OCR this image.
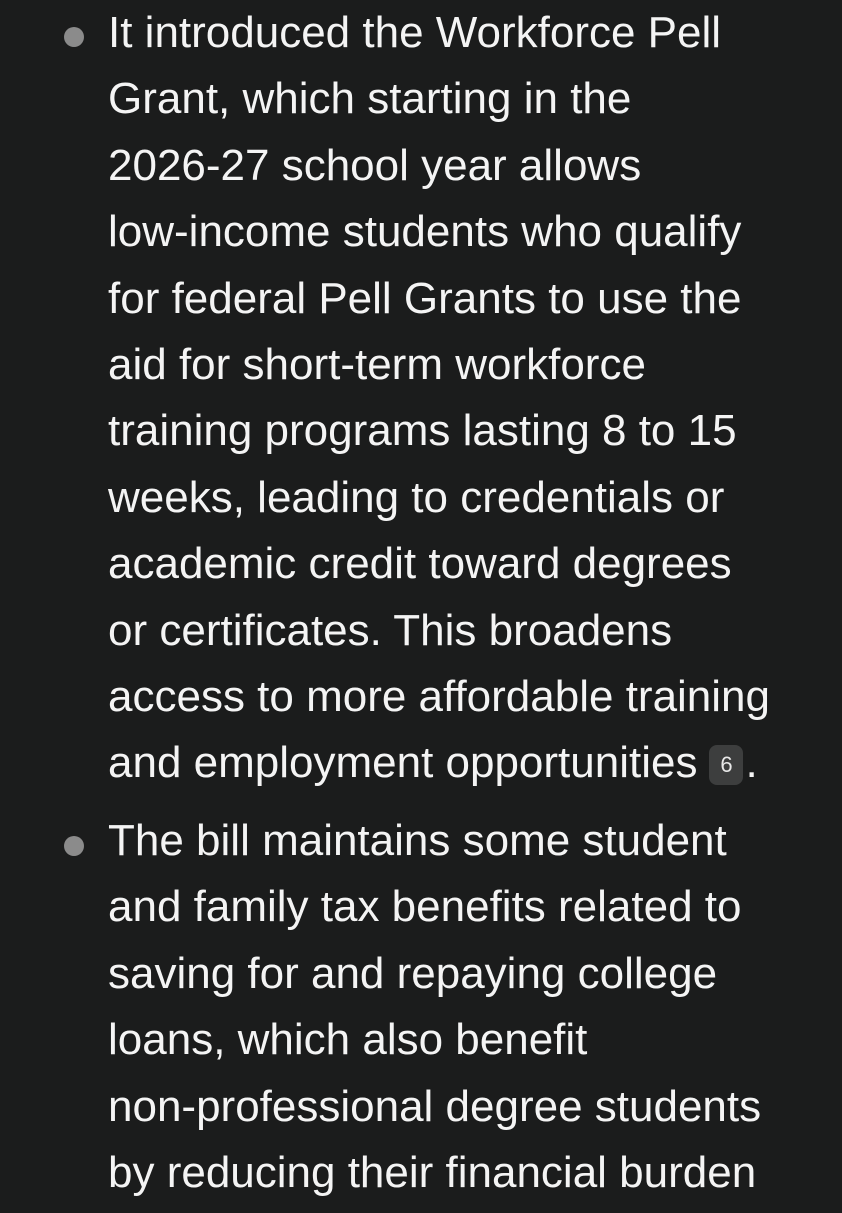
It introduced the Workforce Pell
Grant, which starting in the
2026-27 school year allows
low-income students who qualify
for federal Pell Grants to use the
aid for short-term workforce
training programs lasting 8 to 15
weeks, leading to credentials or
academic credit toward degrees
or certificates. This broadens
access to more affordable training
and employment opportunities 6 .
The bill maintains some student
and family tax benefits related to
saving for and repaying college
loans, which also benefit
non-professional degree students
by reducing their financial burden
